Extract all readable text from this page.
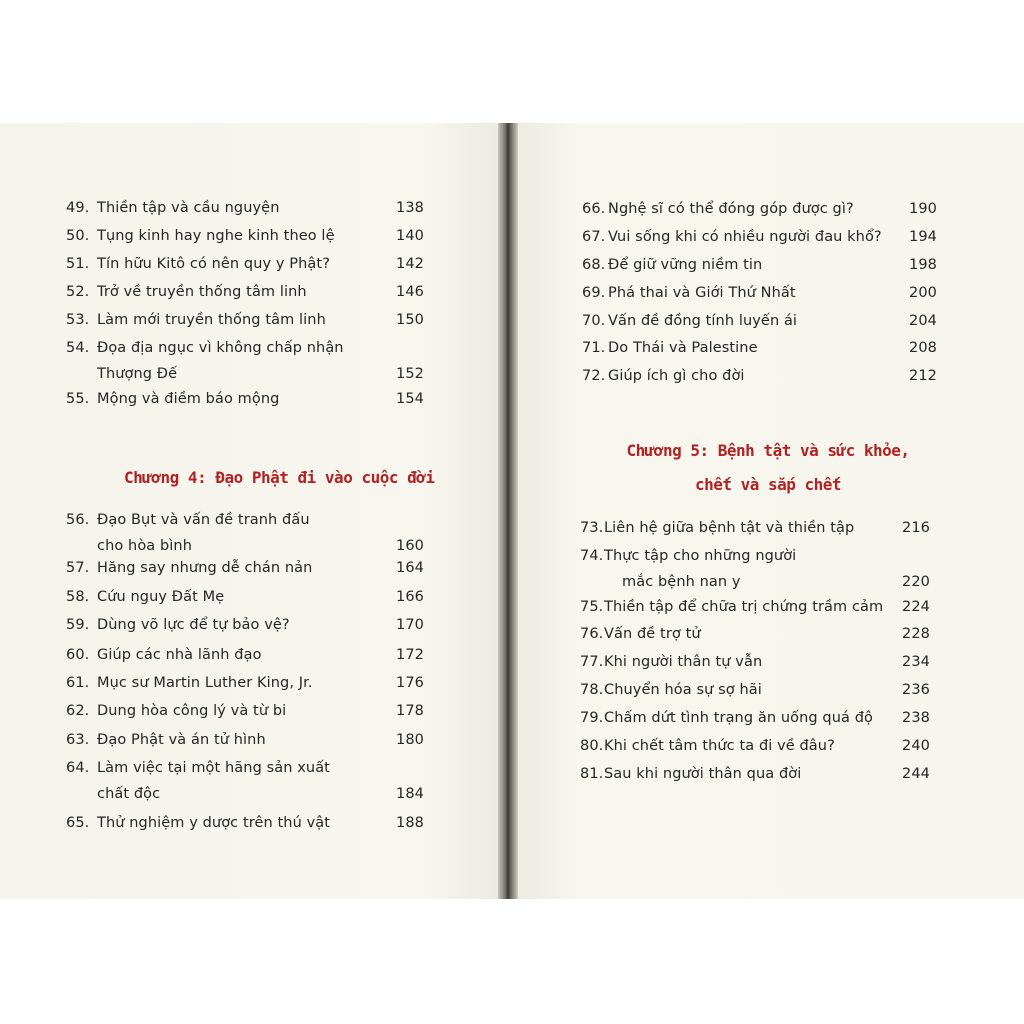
49. Thiền tập và cầu nguyện	138
50. Tụng kinh hay nghe kinh theo lệ	140
51. Tín hữu Kitô có nên quy y Phật?	142
52. Trở về truyền thống tâm linh	146
53. Làm mới truyền thống tâm linh	150
54. Đọa địa ngục vì không chấp nhận
Thượng Đế	152
55. Mộng và điềm báo mộng	154
Chương 4: Đạo Phật đi vào cuộc đời
56. Đạo Bụt và vấn đề tranh đấu
cho hòa bình	160
57. Hăng say nhưng dễ chán nản	164
58. Cứu nguy Đất Mẹ	166
59. Dùng võ lực để tự bảo vệ?	170
60. Giúp các nhà lãnh đạo	172
61. Mục sư Martin Luther King, Jr.	176
62. Dung hòa công lý và từ bi	178
63. Đạo Phật và án tử hình	180
64. Làm việc tại một hãng sản xuất
chất độc	184
65. Thử nghiệm y dược trên thú vật	188
66. Nghệ sĩ có thể đóng góp được gì?	190
67. Vui sống khi có nhiều người đau khổ?	194
68. Để giữ vững niềm tin	198
69. Phá thai và Giới Thứ Nhất	200
70. Vấn đề đồng tính luyến ái	204
71. Do Thái và Palestine	208
72. Giúp ích gì cho đời	212
Chương 5: Bệnh tật và sức khỏe,
chết và sắp chết
73. Liên hệ giữa bệnh tật và thiền tập	216
74. Thực tập cho những người
mắc bệnh nan y	220
75. Thiền tập để chữa trị chứng trầm cảm	224
76. Vấn đề trợ tử	228
77. Khi người thân tự vẫn	234
78. Chuyển hóa sự sợ hãi	236
79. Chấm dứt tình trạng ăn uống quá độ	238
80. Khi chết tâm thức ta đi về đâu?	240
81. Sau khi người thân qua đời	244
